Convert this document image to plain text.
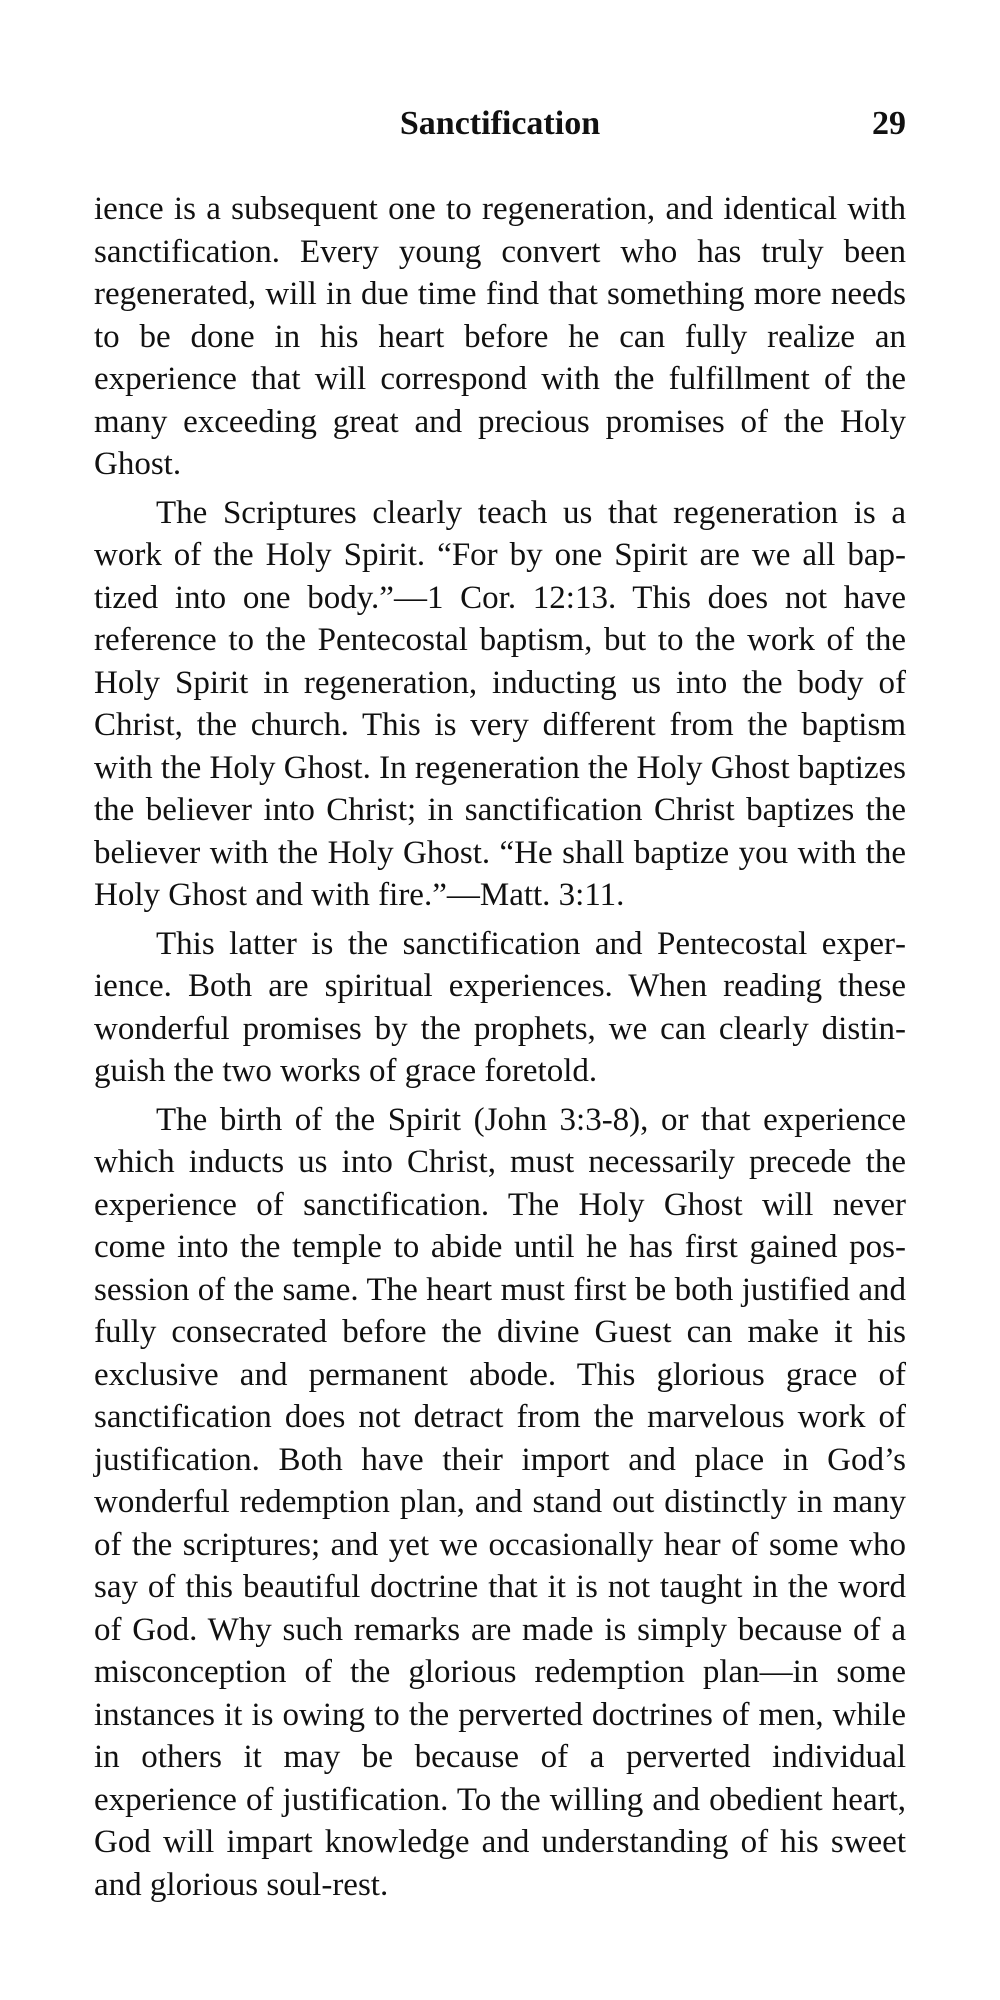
Sanctification	29

ience is a subsequent one to regeneration, and identical with sanctification. Every young convert who has truly been regenerated, will in due time find that something more needs to be done in his heart before he can fully realize an experience that will correspond with the fulfillment of the many exceeding great and precious promises of the Holy Ghost.

The Scriptures clearly teach us that regeneration is a work of the Holy Spirit. “For by one Spirit are we all baptized into one body.”—1 Cor. 12:13. This does not have reference to the Pentecostal baptism, but to the work of the Holy Spirit in regeneration, inducting us into the body of Christ, the church. This is very different from the baptism with the Holy Ghost. In regeneration the Holy Ghost baptizes the believer into Christ; in sanctification Christ baptizes the believer with the Holy Ghost. “He shall baptize you with the Holy Ghost and with fire.”—Matt. 3:11.

This latter is the sanctification and Pentecostal experience. Both are spiritual experiences. When reading these wonderful promises by the prophets, we can clearly distinguish the two works of grace foretold.

The birth of the Spirit (John 3:3-8), or that experience which inducts us into Christ, must necessarily precede the experience of sanctification. The Holy Ghost will never come into the temple to abide until he has first gained possession of the same. The heart must first be both justified and fully consecrated before the divine Guest can make it his exclusive and permanent abode. This glorious grace of sanctification does not detract from the marvelous work of justification. Both have their import and place in God’s wonderful redemption plan, and stand out distinctly in many of the scriptures; and yet we occasionally hear of some who say of this beautiful doctrine that it is not taught in the word of God. Why such remarks are made is simply because of a misconception of the glorious redemption plan—in some instances it is owing to the perverted doctrines of men, while in others it may be because of a perverted individual experience of justification. To the willing and obedient heart, God will impart knowledge and understanding of his sweet and glorious soul-rest.
